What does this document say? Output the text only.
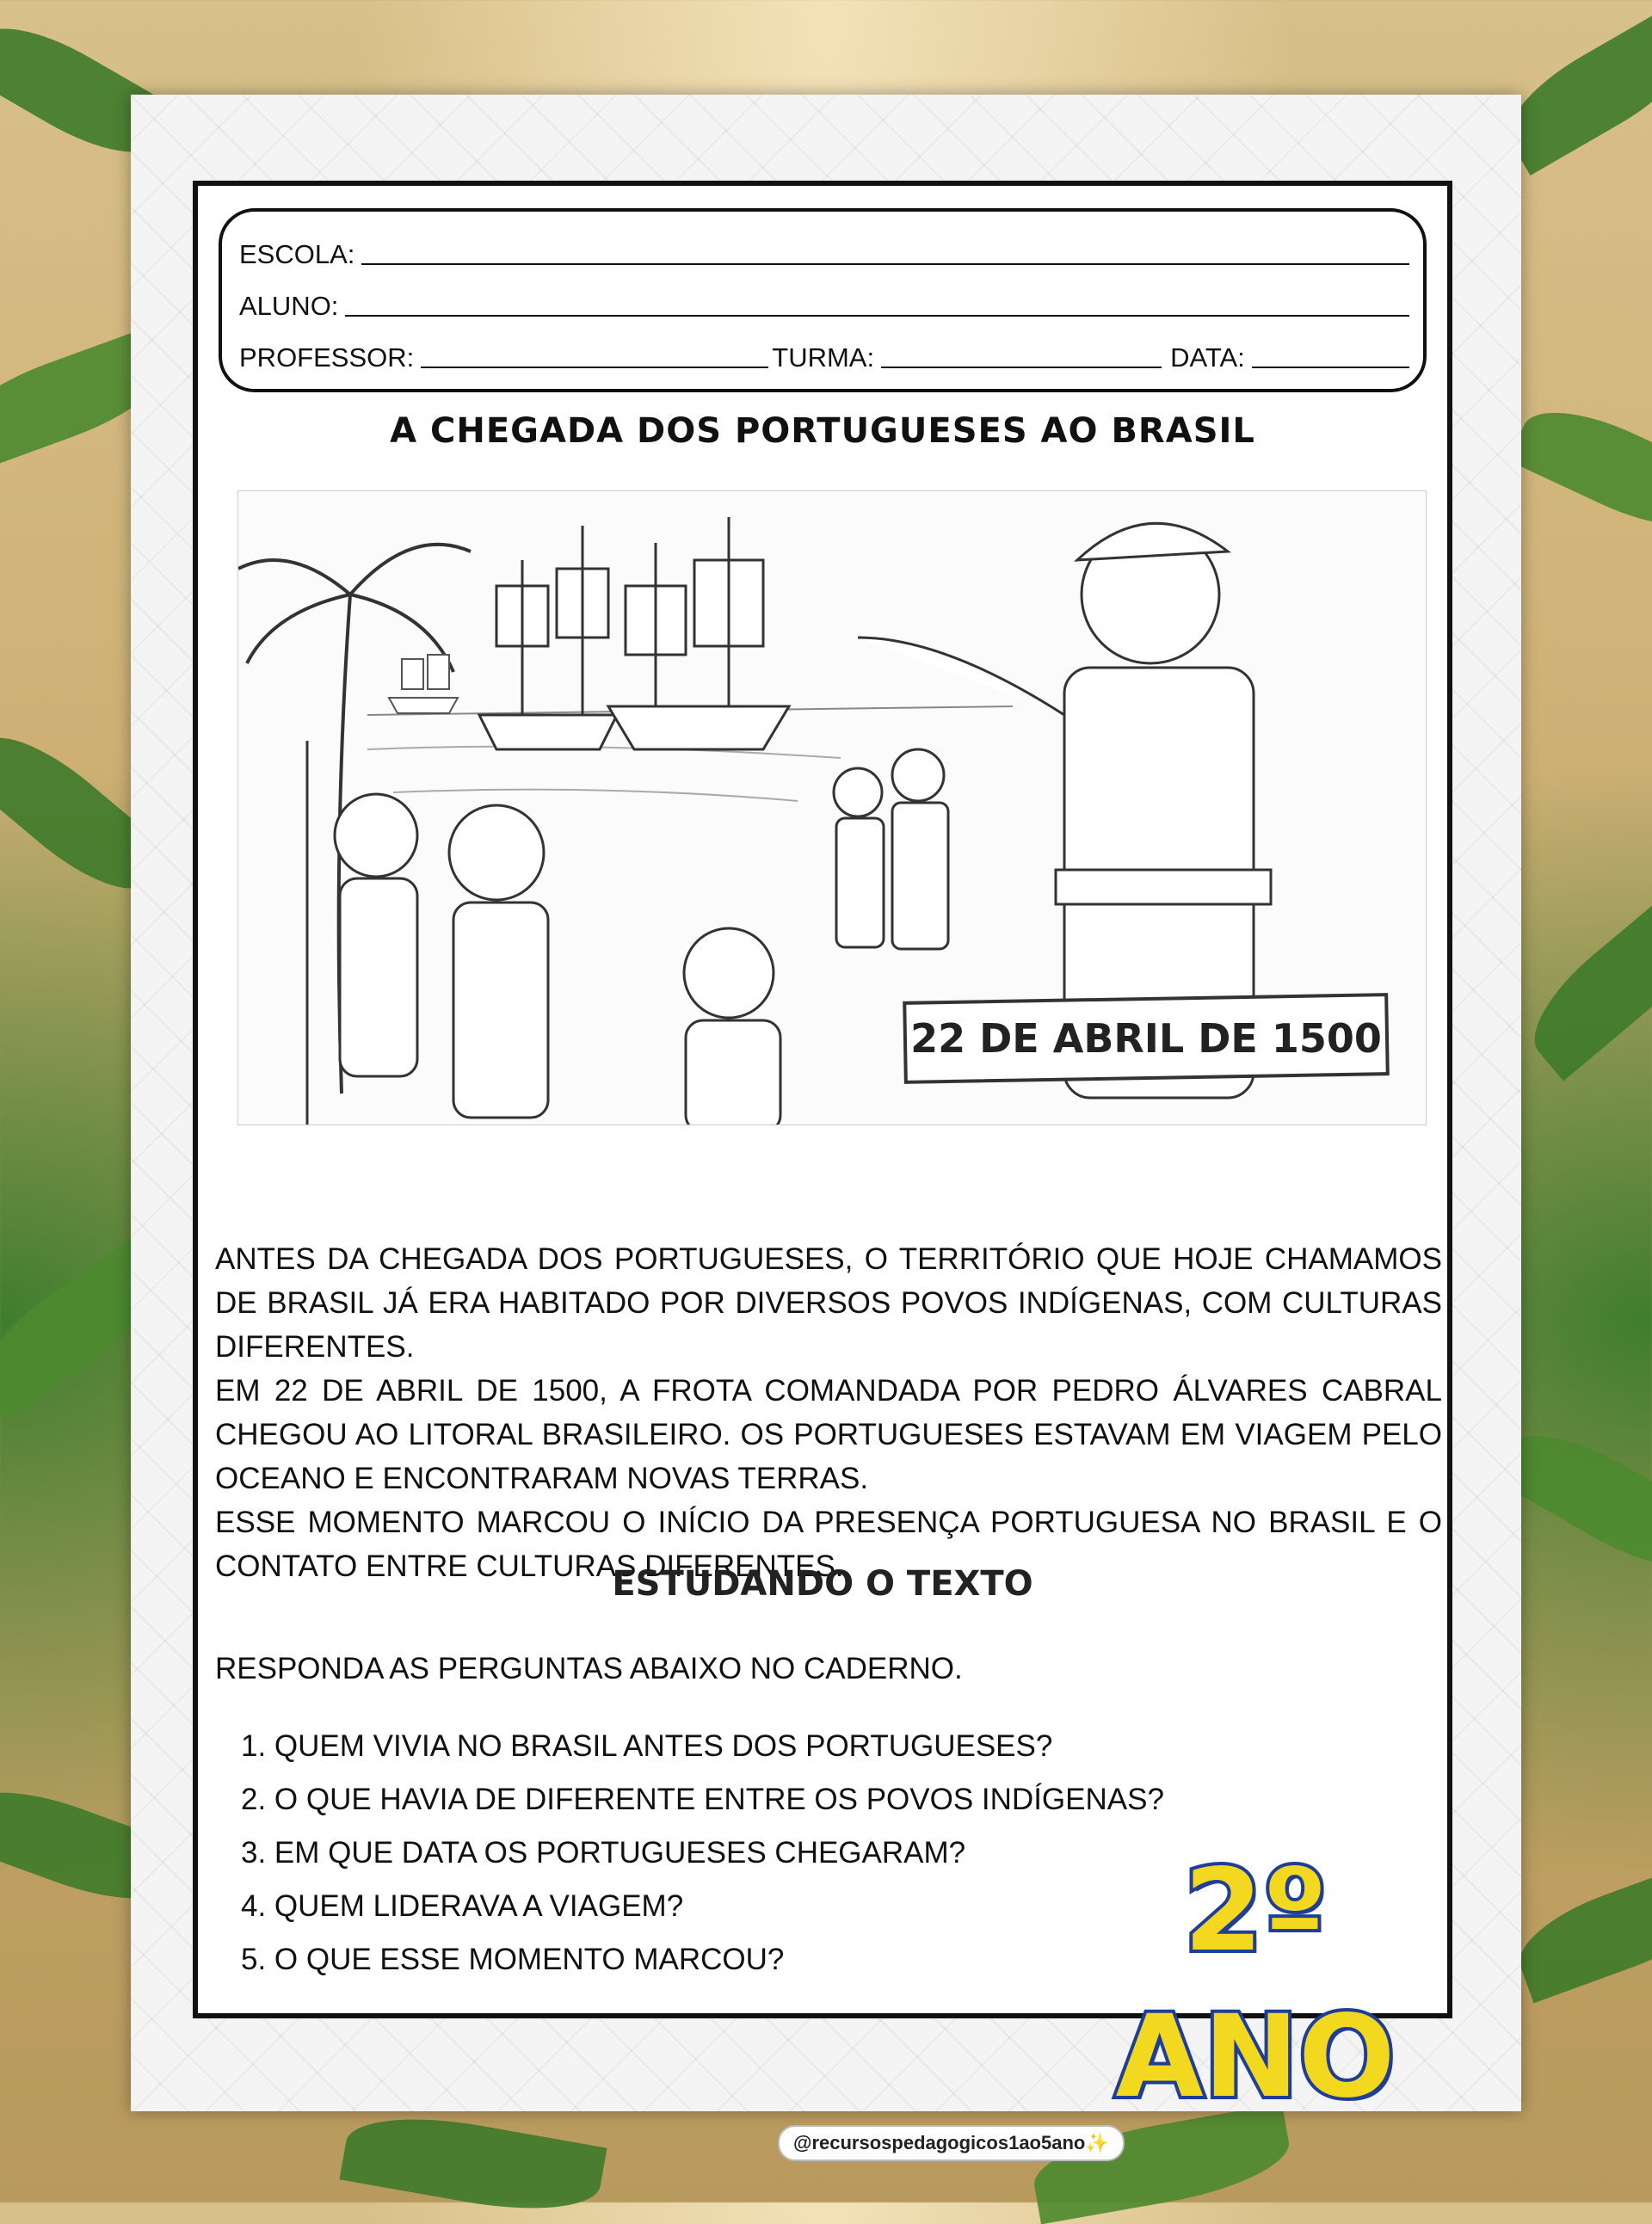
ESCOLA:
ALUNO:
PROFESSOR:	TURMA:	DATA:
A CHEGADA DOS PORTUGUESES AO BRASIL
22 DE ABRIL DE 1500
ANTES DA CHEGADA DOS PORTUGUESES, O TERRITÓRIO QUE HOJE CHAMAMOS DE BRASIL JÁ ERA HABITADO POR DIVERSOS POVOS INDÍGENAS, COM CULTURAS DIFERENTES.
EM 22 DE ABRIL DE 1500, A FROTA COMANDADA POR PEDRO ÁLVARES CABRAL CHEGOU AO LITORAL BRASILEIRO. OS PORTUGUESES ESTAVAM EM VIAGEM PELO OCEANO E ENCONTRARAM NOVAS TERRAS.
ESSE MOMENTO MARCOU O INÍCIO DA PRESENÇA PORTUGUESA NO BRASIL E O CONTATO ENTRE CULTURAS DIFERENTES.
ESTUDANDO O TEXTO
RESPONDA AS PERGUNTAS ABAIXO NO CADERNO.
1. QUEM VIVIA NO BRASIL ANTES DOS PORTUGUESES?
2. O QUE HAVIA DE DIFERENTE ENTRE OS POVOS INDÍGENAS?
3. EM QUE DATA OS PORTUGUESES CHEGARAM?
4. QUEM LIDERAVA A VIAGEM?
5. O QUE ESSE MOMENTO MARCOU?	2º ANO
@recursospedagogicos1ao5ano✨
